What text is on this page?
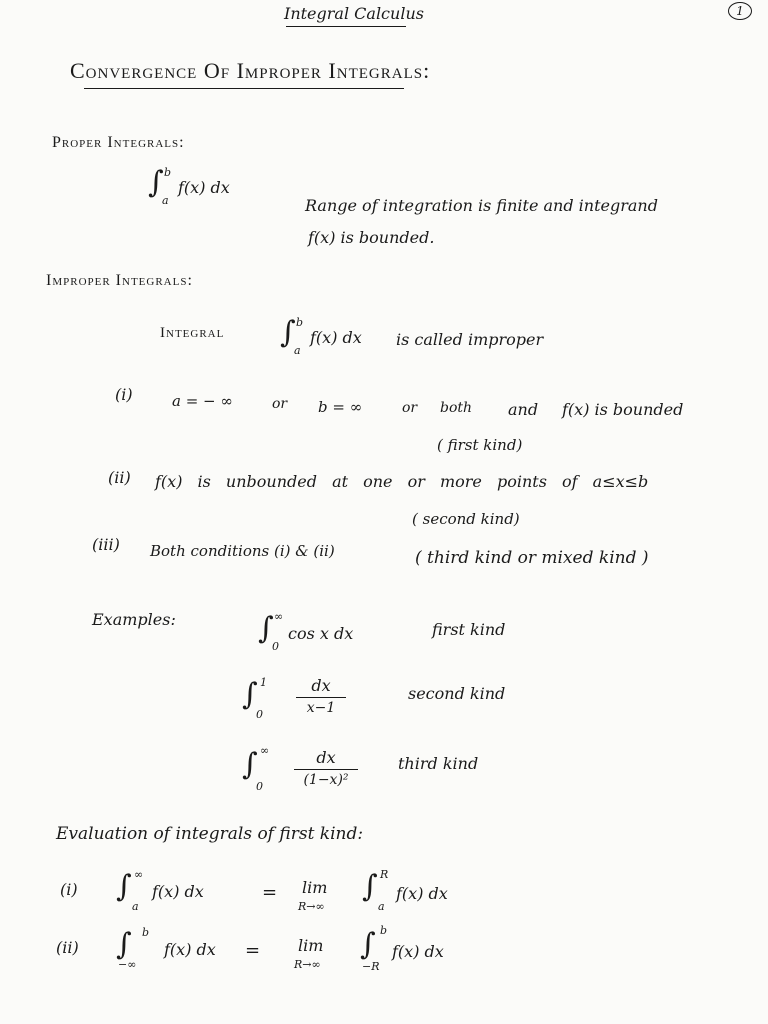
Integral Calculus	1
Convergence Of Improper Integrals:
Proper Integrals:
∫ b
a
f(x) dx
Range of integration is finite and integrand
f(x) is bounded.
Improper Integrals:
Integral ∫ b
a
f(x) dx is called improper
(i)	a = − ∞	or b = ∞	or both and f(x) is bounded
( first kind)
(ii) f(x) is unbounded at one or more points of a≤x≤b
( second kind)
(iii) Both conditions (i) & (ii)	( third kind or mixed kind )
Examples:	∫ ∞
0
cos x dx	first kind
∫ 1
0
dx
x−1
second kind
∫ ∞
0
dx
(1−x)²
third kind
Evaluation of integrals of first kind:
(i) ∫ ∞
a
f(x) dx	= lim
R→∞
∫ R
a
f(x) dx
(ii) ∫ b
−∞
f(x) dx = lim
R→∞
∫ b
−R
f(x) dx
